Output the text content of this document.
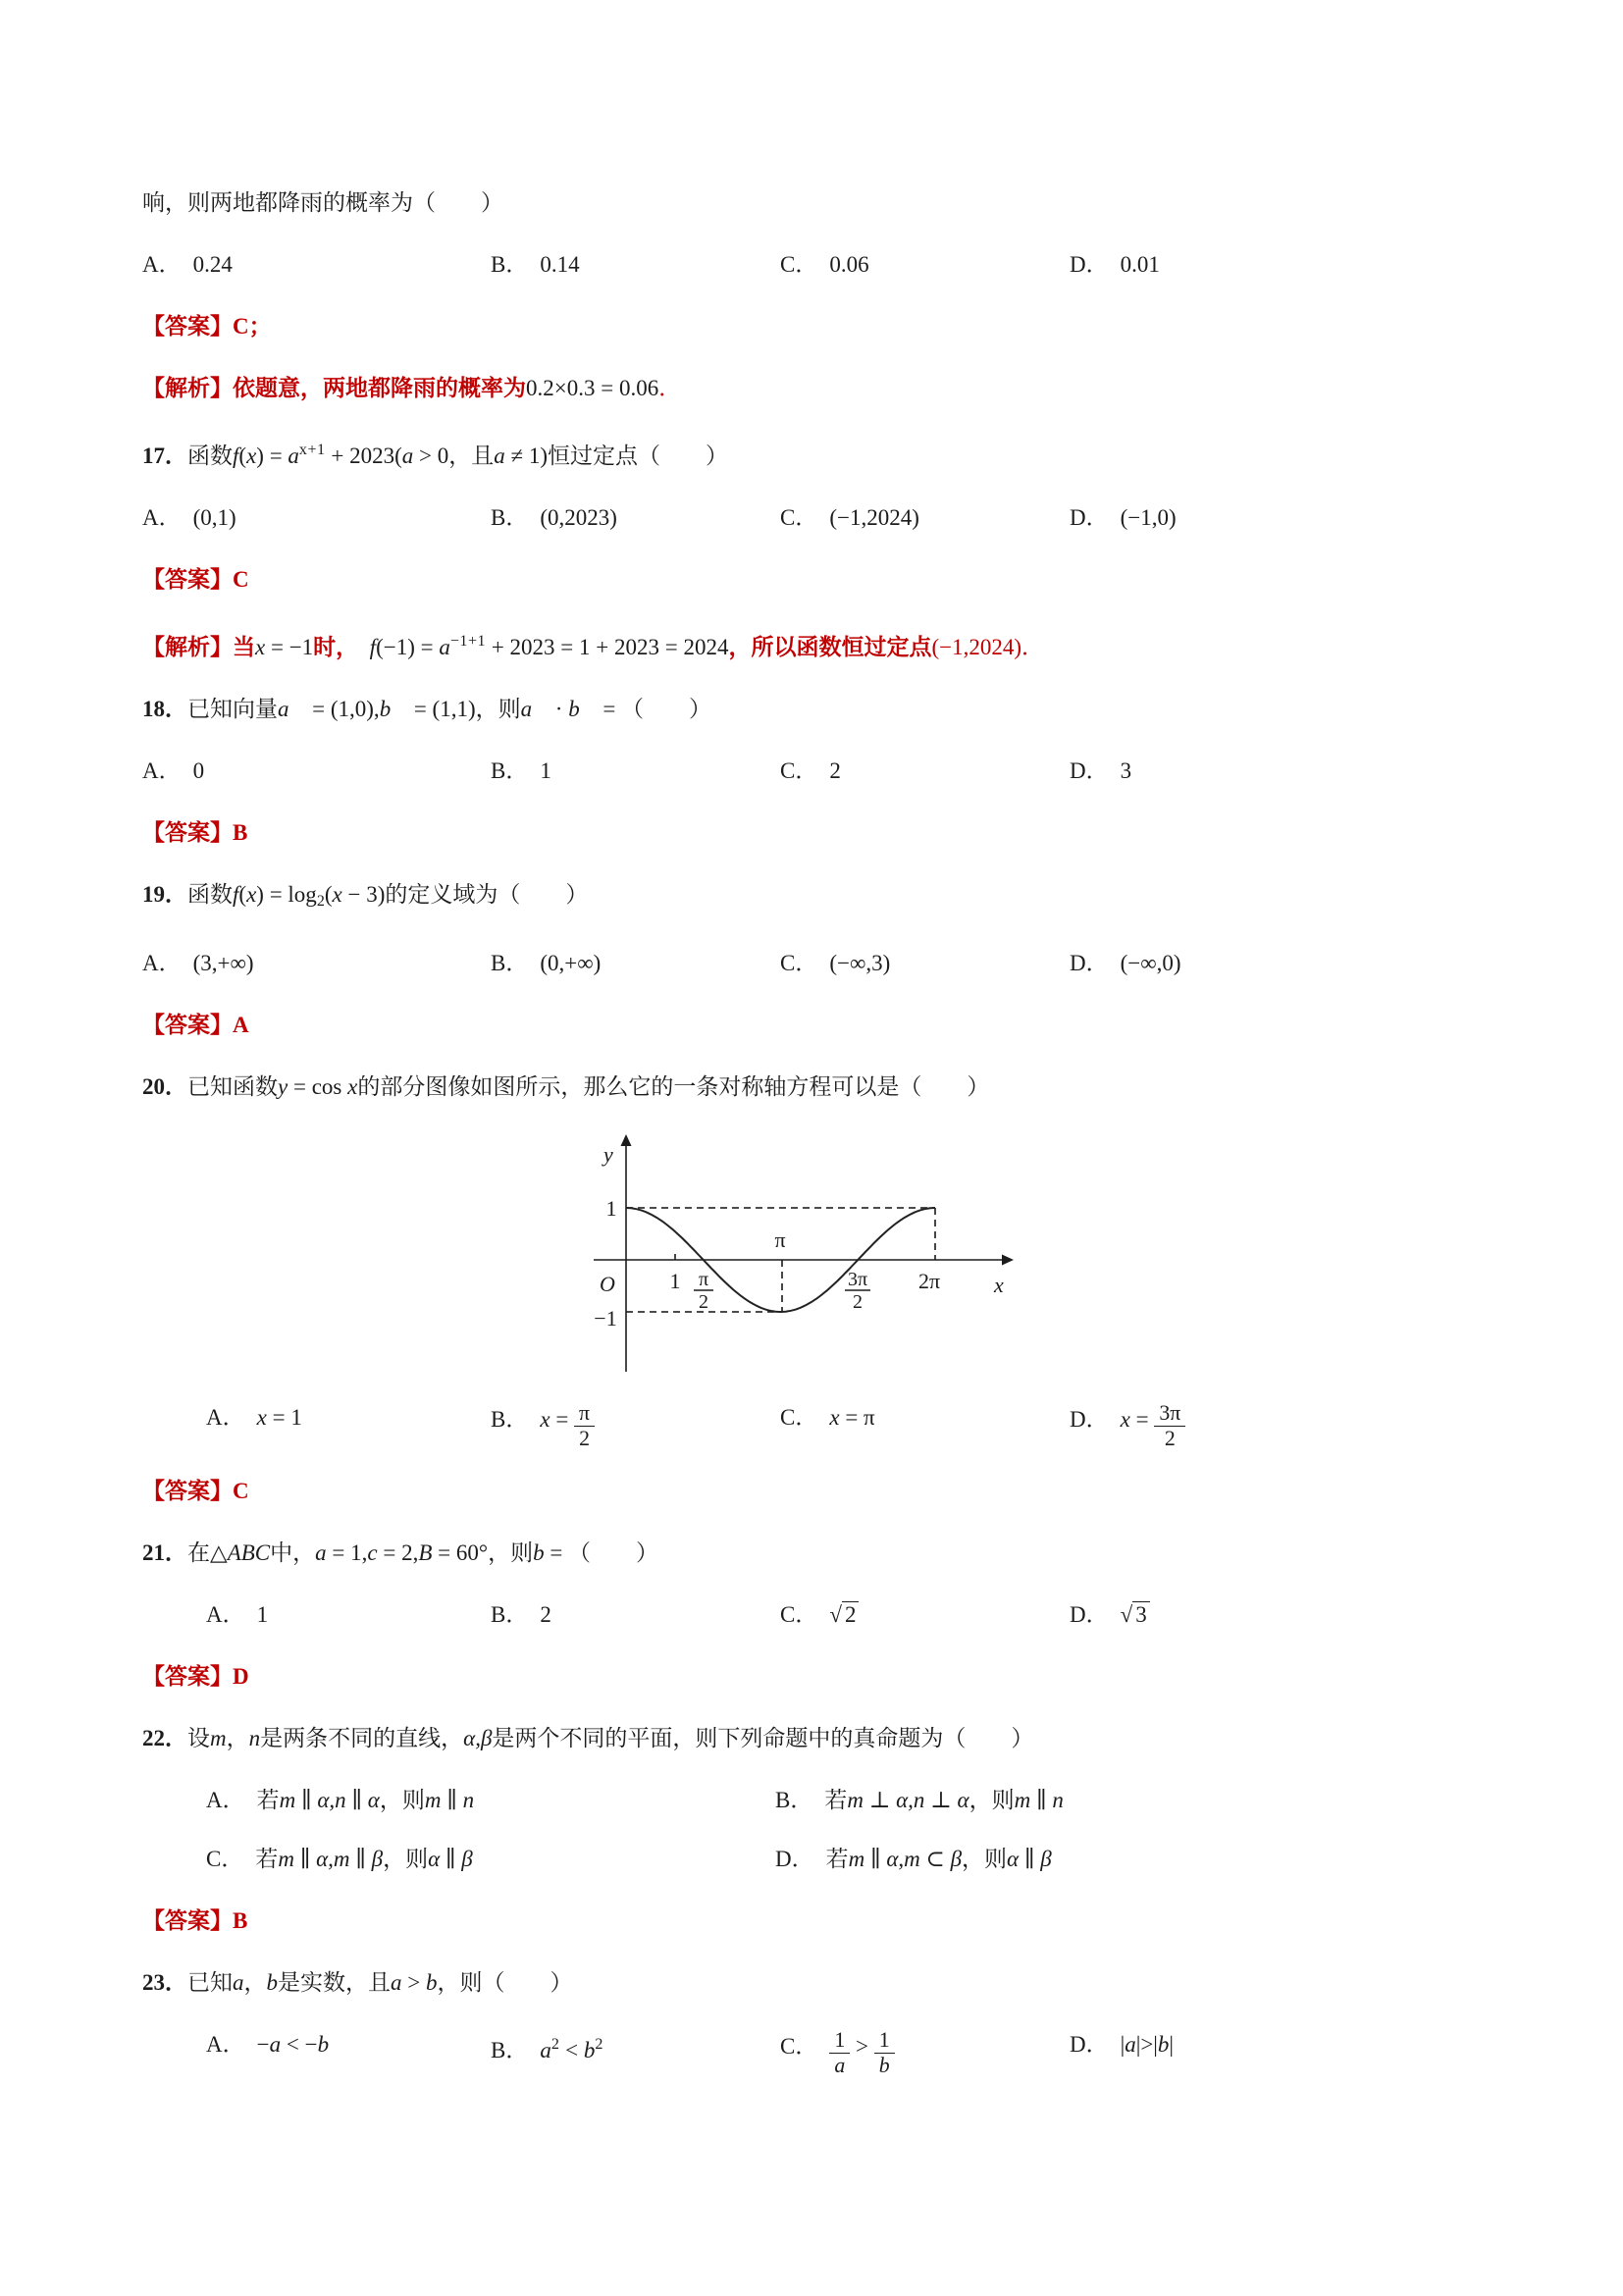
响，则两地都降雨的概率为（　　）
A． 0.24	B． 0.14	C． 0.06	D． 0.01
【答案】C；
【解析】依题意，两地都降雨的概率为0.2×0.3 = 0.06．
17．函数$f(x) = a^{x+1} + 2023(a > 0$，且a ≠ 1)恒过定点（　　）
A． (0,1)	B． (0,2023)	C． (−1,2024)	D． (−1,0)
【答案】C
【解析】当x = −1时，　 $f(-1) = a^{-1+1} + 2023 = 1 + 2023 = 2024$，所以函数恒过定点(−1,2024)．
18．已知向量a⃗ = (1,0),b⃗ = (1,1)，则a⃗ · b⃗ = （　　）
A． 0	B． 1	C． 2	D． 3
【答案】B
19．函数$f(x) = \log_2(x - 3)$的定义域为（　　）
A． (3,+∞)	B． (0,+∞)	C． (−∞,3)	D． (−∞,0)
【答案】A
20．已知函数y = cos x的部分图像如图所示，那么它的一条对称轴方程可以是（　　）
y
x
O
1
−1
1
π
2π
π
2
3π
2
A． x = 1	B． $x = \frac{\pi}{2}$	C． x = π	D． $x = \frac{3\pi}{2}$
【答案】C
21．在△ABC中，a = 1,c = 2,B = 60°，则b = （　　）
A． 1	B． 2	C． √ 2	D． √ 3
【答案】D
22．设m，n是两条不同的直线，α,β是两个不同的平面，则下列命题中的真命题为（　　）
A． 若m ∥ α,n ∥ α，则m ∥ n	B． 若m ⊥ α,n ⊥ α，则m ∥ n
C． 若m ∥ α,m ∥ β，则α ∥ β	D． 若m ∥ α,m ⊂ β，则α ∥ β
【答案】B
23．已知a，b是实数，且a > b，则（　　）
A． −a < −b	B． $a^2 < b^2$	C． $\frac{1}{a} > \frac{1}{b}$	D． |a|>|b|
